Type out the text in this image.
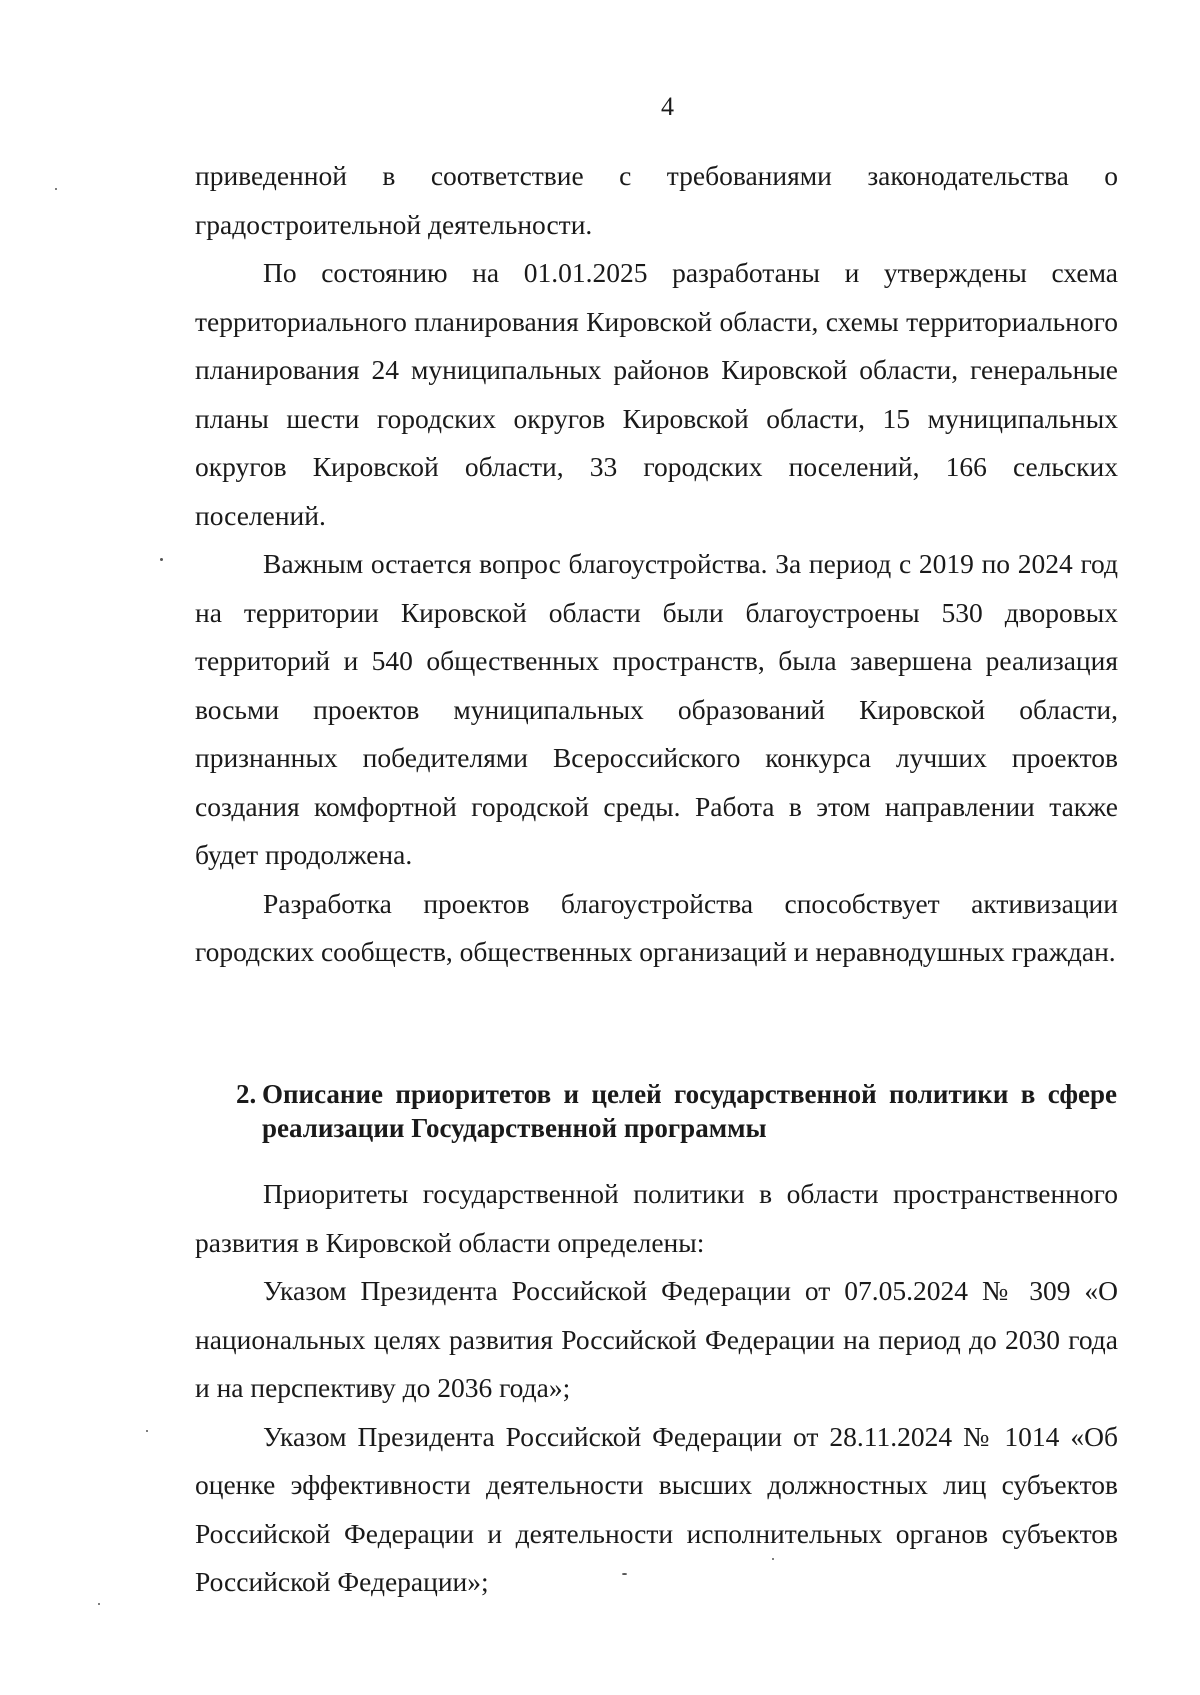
4

приведенной в соответствие с требованиями законодательства о градостроительной деятельности.

По состоянию на 01.01.2025 разработаны и утверждены схема территориального планирования Кировской области, схемы территориального планирования 24 муниципальных районов Кировской области, генеральные планы шести городских округов Кировской области, 15 муниципальных округов Кировской области, 33 городских поселений, 166 сельских поселений.

Важным остается вопрос благоустройства. За период с 2019 по 2024 год на территории Кировской области были благоустроены 530 дворовых территорий и 540 общественных пространств, была завершена реализация восьми проектов муниципальных образований Кировской области, признанных победителями Всероссийского конкурса лучших проектов создания комфортной городской среды. Работа в этом направлении также будет продолжена.

Разработка проектов благоустройства способствует активизации городских сообществ, общественных организаций и неравнодушных граждан.

2. Описание приоритетов и целей государственной политики в сфере реализации Государственной программы

Приоритеты государственной политики в области пространственного развития в Кировской области определены:

Указом Президента Российской Федерации от 07.05.2024 № 309 «О национальных целях развития Российской Федерации на период до 2030 года и на перспективу до 2036 года»;

Указом Президента Российской Федерации от 28.11.2024 № 1014 «Об оценке эффективности деятельности высших должностных лиц субъектов Российской Федерации и деятельности исполнительных органов субъектов Российской Федерации»;
